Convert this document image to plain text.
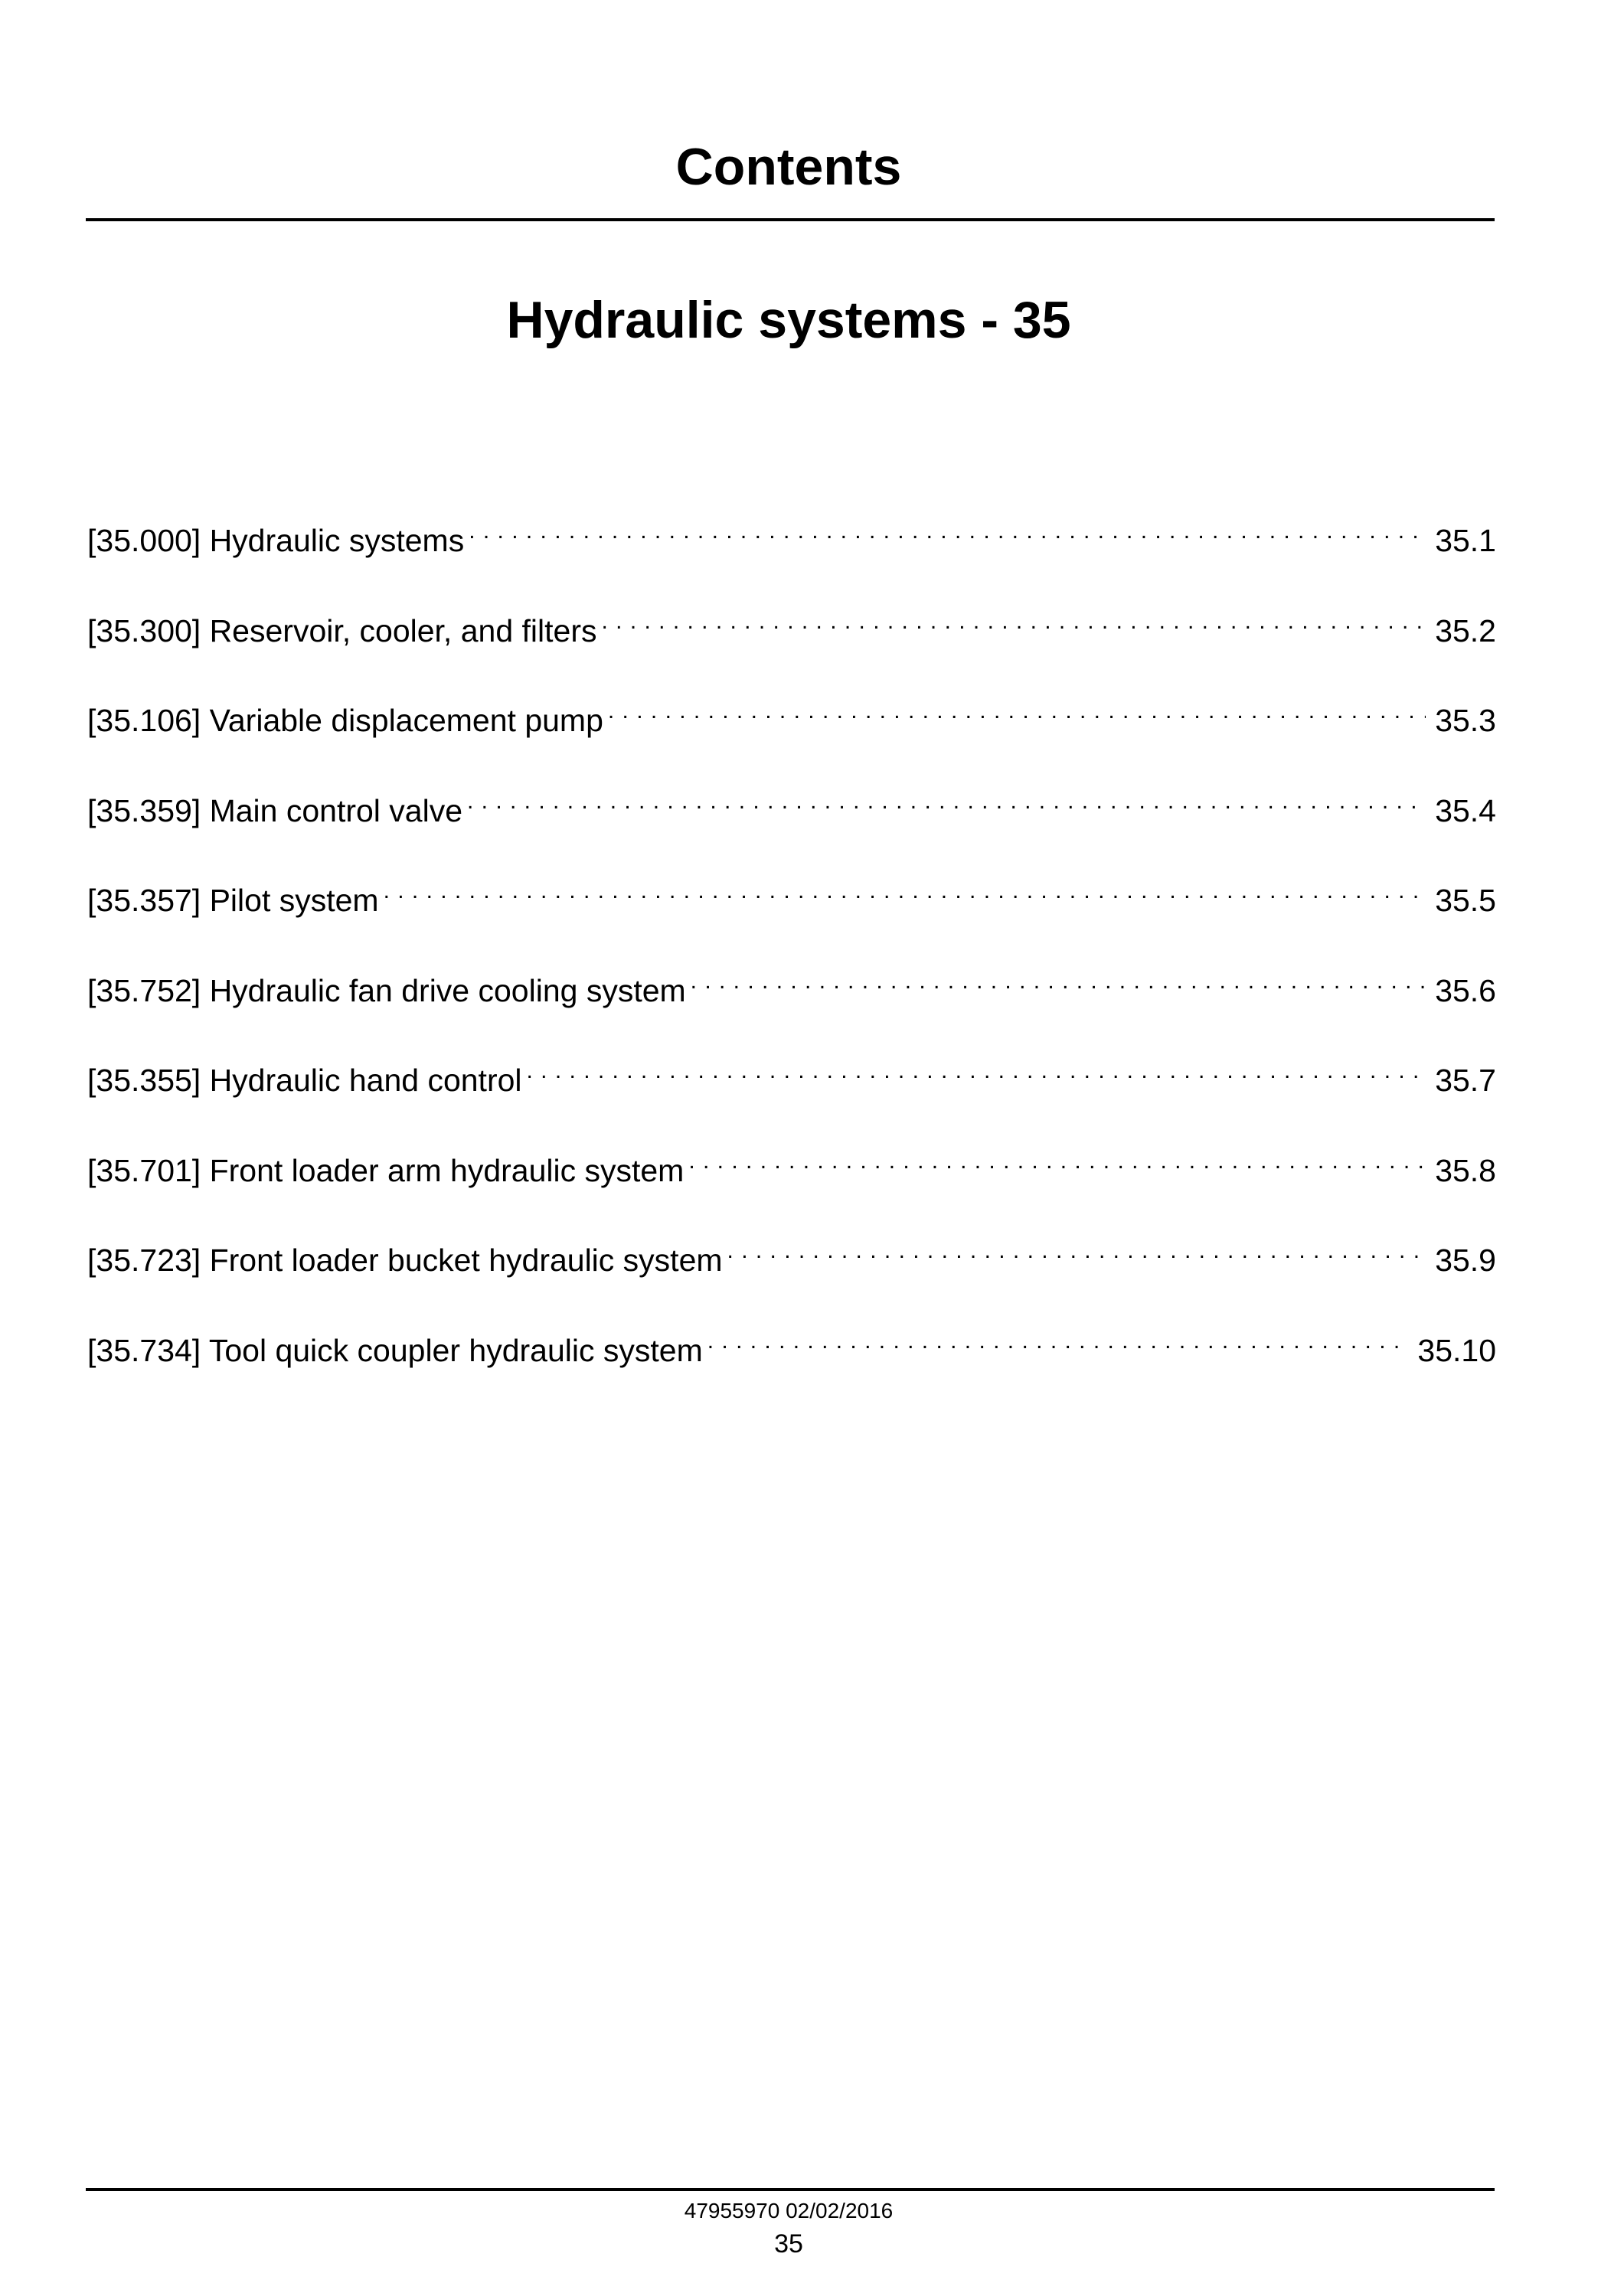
Contents
Hydraulic systems - 35
[35.000] Hydraulic systems . . .	35.1
[35.300] Reservoir, cooler, and filters . . .	35.2
[35.106] Variable displacement pump . . .	35.3
[35.359] Main control valve . . .	35.4
[35.357] Pilot system . . .	35.5
[35.752] Hydraulic fan drive cooling system . . .	35.6
[35.355] Hydraulic hand control . . .	35.7
[35.701] Front loader arm hydraulic system . . .	35.8
[35.723] Front loader bucket hydraulic system . . .	35.9
[35.734] Tool quick coupler hydraulic system . . .	35.10
47955970 02/02/2016
35
